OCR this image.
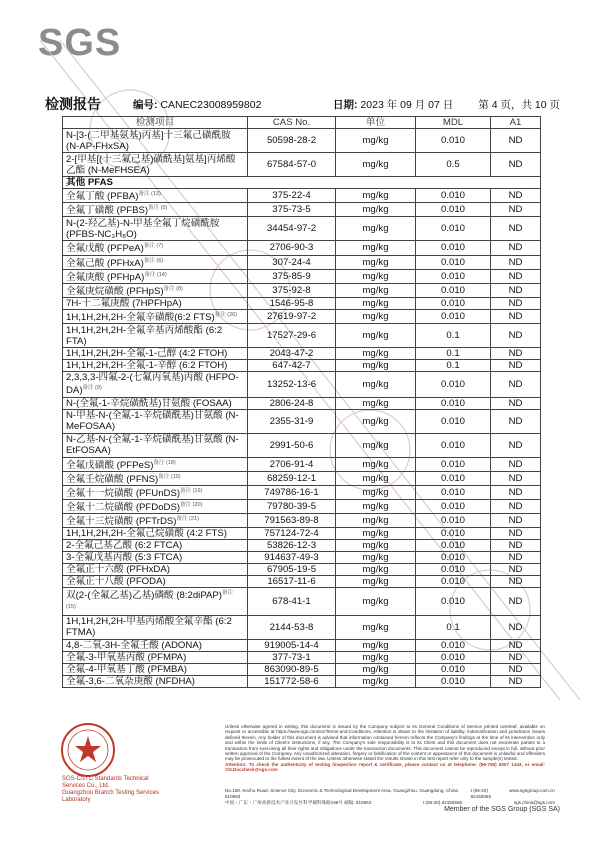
SGS
检测报告	编号: CANEC23008959802	日期: 2023 年 09 月 07 日 第 4 页，共 10 页
检测项目	CAS No.	单位	MDL	A1
N-[3-(二甲基氨基)丙基]十三氟己磺酰胺 (N-AP-FHxSA)	50598-28-2	mg/kg	0.010	ND
2-[甲基[(十三氟己基)磺酰基]氨基]丙烯酸乙酯 (N-MeFHSEA)	67584-57-0	mg/kg	0.5	ND
其他 PFAS				
全氟丁酸 (PFBA)$^{备注 (13)}$	375-22-4	mg/kg	0.010	ND
全氟丁磺酸 (PFBS)$^{备注 (5)}$	375-73-5	mg/kg	0.010	ND
N-(2-羟乙基)-N-甲基全氟丁烷磺酰胺 (PFBS-NC₃H₈O)	34454-97-2	mg/kg	0.010	ND
全氟戊酸 (PFPeA)$^{备注 (7)}$	2706-90-3	mg/kg	0.010	ND
全氟己酸 (PFHxA)$^{备注 (6)}$	307-24-4	mg/kg	0.010	ND
全氟庚酸 (PFHpA)$^{备注 (14)}$	375-85-9	mg/kg	0.010	ND
全氟庚烷磺酸 (PFHpS)$^{备注 (8)}$	375-92-8	mg/kg	0.010	ND
7H-十二氟庚酸 (7HPFHpA)	1546-95-8	mg/kg	0.010	ND
1H,1H,2H,2H-全氟辛磺酸(6:2 FTS)$^{备注 (26)}$	27619-97-2	mg/kg	0.010	ND
1H,1H,2H,2H-全氟辛基丙烯酸酯 (6:2 FTA)	17527-29-6	mg/kg	0.1	ND
1H,1H,2H,2H-全氟-1-己醇 (4:2 FTOH)	2043-47-2	mg/kg	0.1	ND
1H,1H,2H,2H-全氟-1-辛醇 (6:2 FTOH)	647-42-7	mg/kg	0.1	ND
2,3,3,3-四氟-2-(七氟丙氧基)丙酸 (HFPO-DA)$^{备注 (9)}$	13252-13-6	mg/kg	0.010	ND
N-(全氟-1-辛烷磺酰基)甘氨酸 (FOSAA)	2806-24-8	mg/kg	0.010	ND
N-甲基-N-(全氟-1-辛烷磺酰基)甘氨酸 (N-MeFOSAA)	2355-31-9	mg/kg	0.010	ND
N-乙基-N-(全氟-1-辛烷磺酰基)甘氨酸 (N-EtFOSAA)	2991-50-6	mg/kg	0.010	ND
全氟戊磺酸 (PFPeS)$^{备注 (18)}$	2706-91-4	mg/kg	0.010	ND
全氟壬烷磺酸 (PFNS)$^{备注 (19)}$	68259-12-1	mg/kg	0.010	ND
全氟十一烷磺酸 (PFUnDS)$^{备注 (16)}$	749786-16-1	mg/kg	0.010	ND
全氟十二烷磺酸 (PFDoDS)$^{备注 (20)}$	79780-39-5	mg/kg	0.010	ND
全氟十三烷磺酸 (PFTrDS)$^{备注 (21)}$	791563-89-8	mg/kg	0.010	ND
1H,1H,2H,2H-全氟己烷磺酸 (4:2 FTS)	757124-72-4	mg/kg	0.010	ND
2-全氟己基乙酸 (6:2 FTCA)	53826-12-3	mg/kg	0.010	ND
3-全氟戊基丙酸 (5:3 FTCA)	914637-49-3	mg/kg	0.010	ND
全氟正十六酸 (PFHxDA)	67905-19-5	mg/kg	0.010	ND
全氟正十八酸 (PFODA)	16517-11-6	mg/kg	0.010	ND
双(2-(全氟乙基)乙基)磷酸 (8:2diPAP)$^{备注 (15)}$	678-41-1	mg/kg	0.010	ND
1H,1H,2H,2H-甲基丙烯酸全氟辛酯 (6:2 FTMA)	2144-53-8	mg/kg	0.1	ND
4,8-二氧-3H-全氟壬酸 (ADONA)	919005-14-4	mg/kg	0.010	ND
全氟-3-甲氧基丙酸 (PFMPA)	377-73-1	mg/kg	0.010	ND
全氟-4-甲氧基丁酸 (PFMBA)	863090-89-5	mg/kg	0.010	ND
全氟-3,6-二氧杂庚酸 (NFDHA)	151772-58-6	mg/kg	0.010	ND
SGS-CSTC Standards Technical Services Co., Ltd.
Guangzhou Branch Testing Services Laboratory
Unless otherwise agreed in writing, this document is issued by the Company subject to its General Conditions of Service printed overleaf, available on request or accessible at https://www.sgs.com/en/Terms-and-Conditions. Attention is drawn to the limitation of liability, indemnification and jurisdiction issues defined therein. Any holder of this document is advised that information contained hereon reflects the Company's findings at the time of its intervention only and within the limits of Client's instructions, if any. The Company's sole responsibility is to its Client and this document does not exonerate parties to a transaction from exercising all their rights and obligations under the transaction documents. This document cannot be reproduced except in full, without prior written approval of the Company. Any unauthorized alteration, forgery or falsification of the content or appearance of this document is unlawful and offenders may be prosecuted to the fullest extent of the law. Unless otherwise stated the results shown in this test report refer only to the sample(s) tested.
Attention: To check the authenticity of testing /inspection report & certificate, please contact us at telephone: (86-755) 8307 1443, or email: CN.Doccheck@sgs.com
No.198, Kezhu Road, Science City, Economic & Technological Development Area, Guangzhou, Guangdong, China 510663
t (86-20) 82155555
www.sgsgroup.com.cn
中国・广东・广州高新技术产业开发区科学城科珠路198号 邮编: 510663	t (86-20) 82155555	sgs.china@sgs.com
Member of the SGS Group (SGS SA)
